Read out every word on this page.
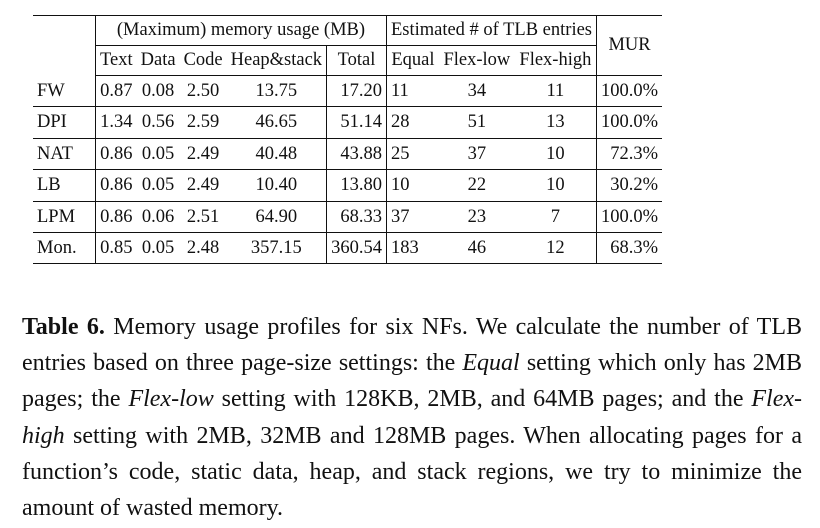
	(Maximum) memory usage (MB)					Estimated # of TLB entries			MUR
	Text	Data	Code	Heap&stack	Total	Equal	Flex-low	Flex-high	
FW	0.87	0.08	2.50	13.75	17.20	11	34	11	100.0%
DPI	1.34	0.56	2.59	46.65	51.14	28	51	13	100.0%
NAT	0.86	0.05	2.49	40.48	43.88	25	37	10	72.3%
LB	0.86	0.05	2.49	10.40	13.80	10	22	10	30.2%
LPM	0.86	0.06	2.51	64.90	68.33	37	23	7	100.0%
Mon.	0.85	0.05	2.48	357.15	360.54	183	46	12	68.3%

Table 6. Memory usage profiles for six NFs. We calculate the number of TLB entries based on three page-size settings: the Equal setting which only has 2MB pages; the Flex-low setting with 128KB, 2MB, and 64MB pages; and the Flex-high setting with 2MB, 32MB and 128MB pages. When allocating pages for a function’s code, static data, heap, and stack regions, we try to minimize the amount of wasted memory.
